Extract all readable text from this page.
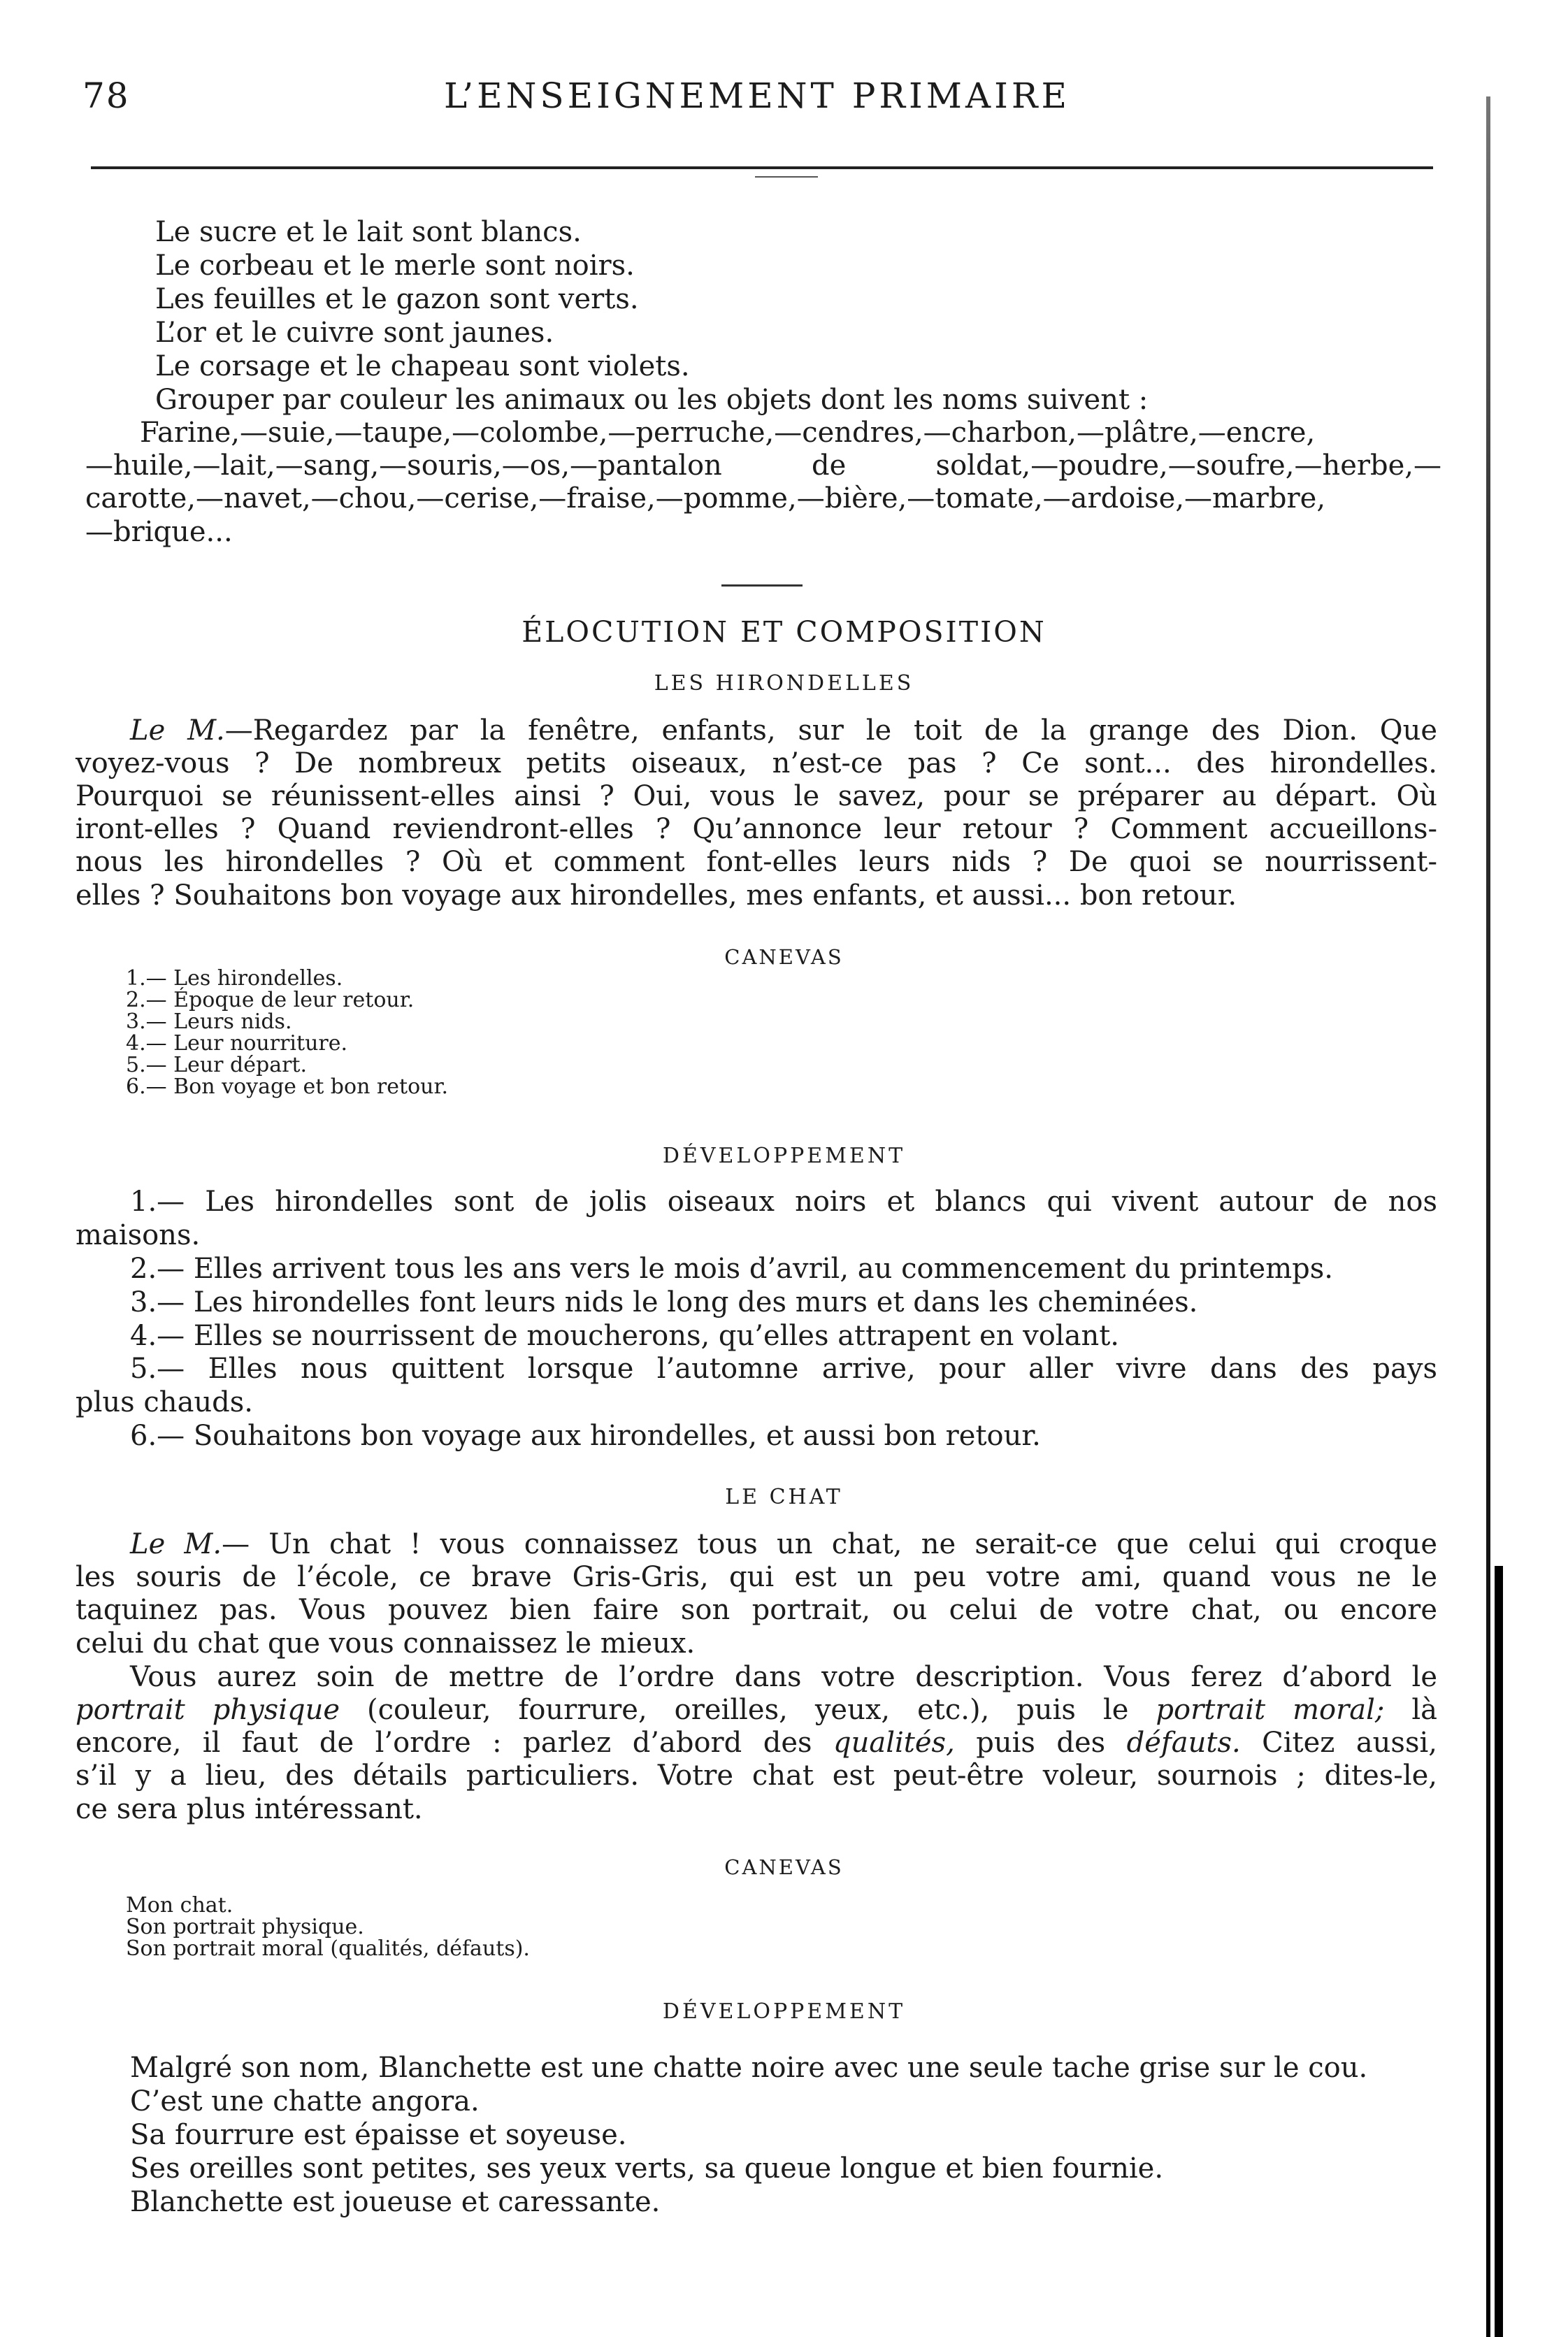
78	L’ENSEIGNEMENT PRIMAIRE
Le sucre et le lait sont blancs.
Le corbeau et le merle sont noirs.
Les feuilles et le gazon sont verts.
L’or et le cuivre sont jaunes.
Le corsage et le chapeau sont violets.
Grouper par couleur les animaux ou les objets dont les noms suivent :
Farine,—suie,—taupe,—colombe,—perruche,—cendres,—charbon,—plâtre,—encre,
—huile,—lait,—sang,—souris,—os,—pantalon de soldat,—poudre,—soufre,—herbe,—
carotte,—navet,—chou,—cerise,—fraise,—pomme,—bière,—tomate,—ardoise,—marbre,
—brique...
ÉLOCUTION ET COMPOSITION
LES HIRONDELLES
Le M.—Regardez par la fenêtre, enfants, sur le toit de la grange des Dion. Que
voyez-vous ? De nombreux petits oiseaux, n’est-ce pas ? Ce sont... des hirondelles.
Pourquoi se réunissent-elles ainsi ? Oui, vous le savez, pour se préparer au départ. Où
iront-elles ? Quand reviendront-elles ? Qu’annonce leur retour ? Comment accueillons-
nous les hirondelles ? Où et comment font-elles leurs nids ? De quoi se nourrissent-
elles ? Souhaitons bon voyage aux hirondelles, mes enfants, et aussi... bon retour.
CANEVAS
1.— Les hirondelles.
2.— Époque de leur retour.
3.— Leurs nids.
4.— Leur nourriture.
5.— Leur départ.
6.— Bon voyage et bon retour.
DÉVELOPPEMENT
1.— Les hirondelles sont de jolis oiseaux noirs et blancs qui vivent autour de nos
maisons.
2.— Elles arrivent tous les ans vers le mois d’avril, au commencement du printemps.
3.— Les hirondelles font leurs nids le long des murs et dans les cheminées.
4.— Elles se nourrissent de moucherons, qu’elles attrapent en volant.
5.— Elles nous quittent lorsque l’automne arrive, pour aller vivre dans des pays
plus chauds.
6.— Souhaitons bon voyage aux hirondelles, et aussi bon retour.
LE CHAT
Le M.— Un chat ! vous connaissez tous un chat, ne serait-ce que celui qui croque
les souris de l’école, ce brave Gris-Gris, qui est un peu votre ami, quand vous ne le
taquinez pas. Vous pouvez bien faire son portrait, ou celui de votre chat, ou encore
celui du chat que vous connaissez le mieux.
Vous aurez soin de mettre de l’ordre dans votre description. Vous ferez d’abord le
portrait physique (couleur, fourrure, oreilles, yeux, etc.), puis le portrait moral; là
encore, il faut de l’ordre : parlez d’abord des qualités, puis des défauts. Citez aussi,
s’il y a lieu, des détails particuliers. Votre chat est peut-être voleur, sournois ; dites-le,
ce sera plus intéressant.
CANEVAS
Mon chat.
Son portrait physique.
Son portrait moral (qualités, défauts).
DÉVELOPPEMENT
Malgré son nom, Blanchette est une chatte noire avec une seule tache grise sur le cou.
C’est une chatte angora.
Sa fourrure est épaisse et soyeuse.
Ses oreilles sont petites, ses yeux verts, sa queue longue et bien fournie.
Blanchette est joueuse et caressante.
